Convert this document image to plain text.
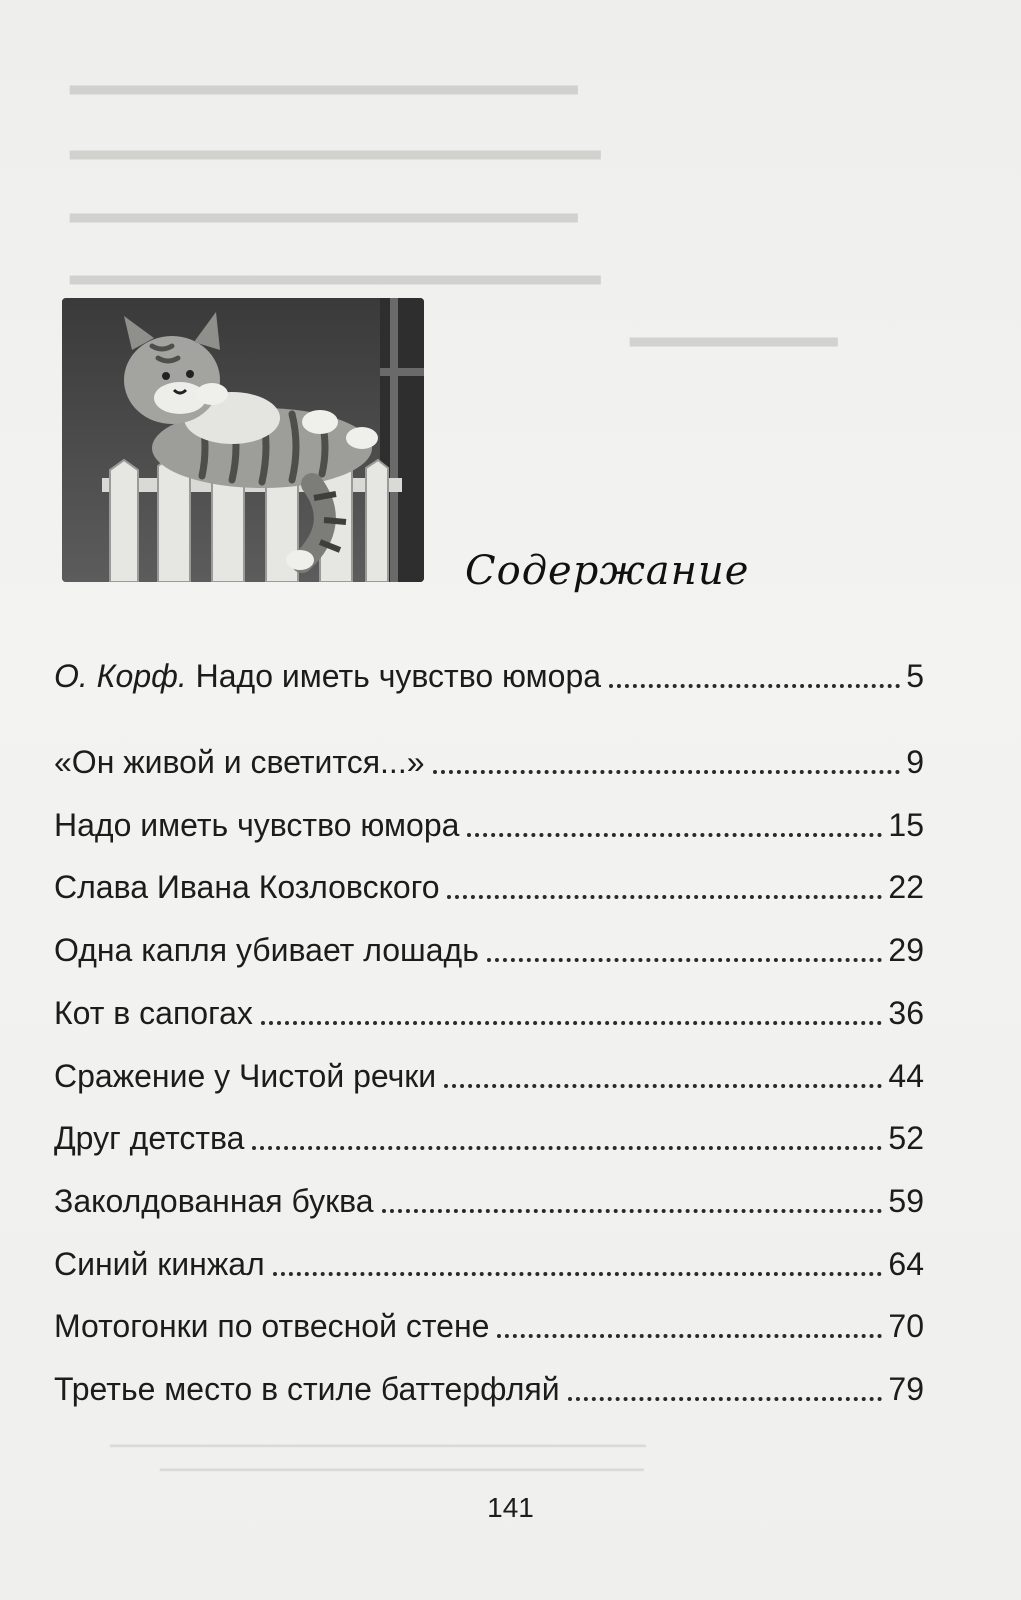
▂▂▂▂▂▂▂▂▂▂▂▂▂▂▂▂▂▂▂▂▂▂
▂▂▂▂▂▂▂▂▂▂▂▂▂▂▂▂▂▂▂▂▂▂▂
▂▂▂▂▂▂▂▂▂▂▂▂▂▂▂▂▂▂▂▂▂▂
▂▂▂▂▂▂▂▂▂▂▂▂▂▂▂▂▂▂▂▂▂▂▂
▂▂▂▂▂▂▂▂▂
Содержание
О. Корф. Надо иметь чувство юмора	5
«Он живой и светится...»	9
Надо иметь чувство юмора	15
Слава Ивана Козловского	22
Одна капля убивает лошадь	29
Кот в сапогах	36
Сражение у Чистой речки	44
Друг детства	52
Заколдованная буква	59
Синий кинжал	64
Мотогонки по отвесной стене	70
Третье место в стиле баттерфляй	79
141
▁▁▁▁▁▁▁▁▁▁▁▁▁▁▁▁▁▁▁▁▁▁▁▁▁▁▁▁▁▁▁▁▁▁▁▁▁▁▁▁▁
▁▁▁▁▁▁▁▁▁▁▁▁▁▁▁▁▁▁▁▁▁▁▁▁▁▁▁▁▁▁▁▁▁▁▁▁▁
